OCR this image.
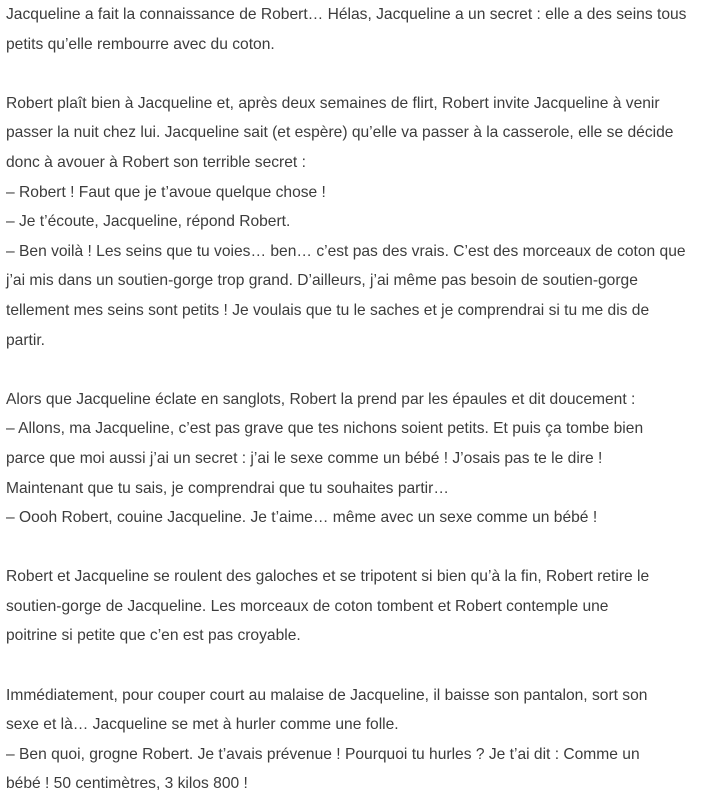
Jacqueline a fait la connaissance de Robert… Hélas, Jacqueline a un secret : elle a des seins tous
petits qu’elle rembourre avec du coton.

Robert plaît bien à Jacqueline et, après deux semaines de flirt, Robert invite Jacqueline à venir
passer la nuit chez lui. Jacqueline sait (et espère) qu’elle va passer à la casserole, elle se décide
donc à avouer à Robert son terrible secret :
– Robert ! Faut que je t’avoue quelque chose !
– Je t’écoute, Jacqueline, répond Robert.
– Ben voilà ! Les seins que tu voies… ben… c’est pas des vrais. C’est des morceaux de coton que
j’ai mis dans un soutien-gorge trop grand. D’ailleurs, j’ai même pas besoin de soutien-gorge
tellement mes seins sont petits ! Je voulais que tu le saches et je comprendrai si tu me dis de
partir.

Alors que Jacqueline éclate en sanglots, Robert la prend par les épaules et dit doucement :
– Allons, ma Jacqueline, c’est pas grave que tes nichons soient petits. Et puis ça tombe bien
parce que moi aussi j’ai un secret : j’ai le sexe comme un bébé ! J’osais pas te le dire !
Maintenant que tu sais, je comprendrai que tu souhaites partir…
– Oooh Robert, couine Jacqueline. Je t’aime… même avec un sexe comme un bébé !

Robert et Jacqueline se roulent des galoches et se tripotent si bien qu’à la fin, Robert retire le
soutien-gorge de Jacqueline. Les morceaux de coton tombent et Robert contemple une
poitrine si petite que c’en est pas croyable.

Immédiatement, pour couper court au malaise de Jacqueline, il baisse son pantalon, sort son
sexe et là… Jacqueline se met à hurler comme une folle.
– Ben quoi, grogne Robert. Je t’avais prévenue ! Pourquoi tu hurles ? Je t’ai dit : Comme un
bébé ! 50 centimètres, 3 kilos 800 !
